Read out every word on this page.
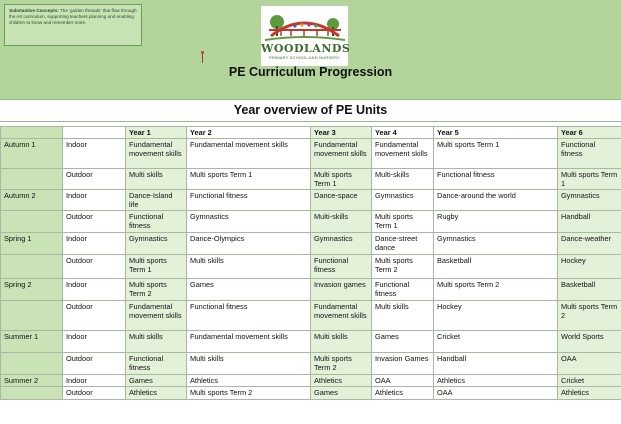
Substantive Concepts: The 'golden threads' that flow through the Art curriculum, supporting teachers planning and enabling children to know and remember more.
WOODLANDS
PRIMARY SCHOOL AND NURSERY
PE Curriculum Progression
Year overview of PE Units
		Year 1	Year 2	Year 3	Year 4	Year 5	Year 6
Autumn 1	Indoor	Fundamental movement skills	Fundamental movement skills	Fundamental movement skills	Fundamental movement skills	Multi sports Term 1	Functional fitness
	Outdoor	Multi skills	Multi sports Term 1	Multi sports Term 1	Multi-skills	Functional fitness	Multi sports Term 1
Autumn 2	Indoor	Dance-Island life	Functional fitness	Dance-space	Gymnastics	Dance-around the world	Gymnastics
	Outdoor	Functional fitness	Gymnastics	Multi-skills	Multi sports Term 1	Rugby	Handball
Spring 1	Indoor	Gymnastics	Dance-Olympics	Gymnastics	Dance-street dance	Gymnastics	Dance-weather
	Outdoor	Multi sports Term 1	Multi skills	Functional fitness	Multi sports Term 2	Basketball	Hockey
Spring 2	Indoor	Multi sports Term 2	Games	Invasion games	Functional fitness	Multi sports Term 2	Basketball
	Outdoor	Fundamental movement skills	Functional fitness	Fundamental movement skills	Multi skills	Hockey	Multi sports Term 2
Summer 1	Indoor	Multi skills	Fundamental movement skills	Multi skills	Games	Cricket	World Sports
	Outdoor	Functional fitness	Multi skills	Multi sports Term 2	Invasion Games	Handball	OAA
Summer 2	Indoor	Games	Athletics	Athletics	OAA	Athletics	Cricket
	Outdoor	Athletics	Multi sports Term 2	Games	Athletics	OAA	Athletics
